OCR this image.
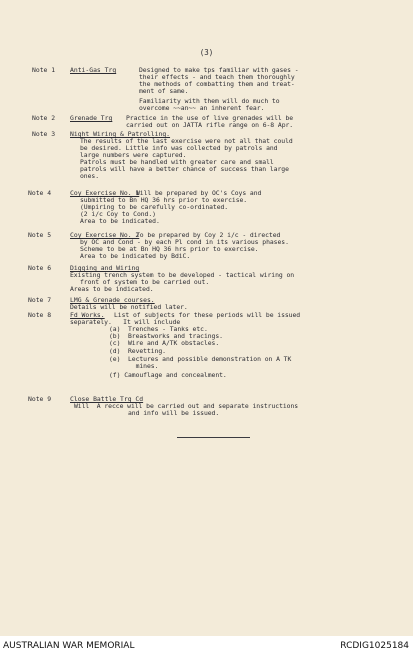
(3)
Note 1 Anti-Gas Trg	Designed to make tps familiar with gases -
their effects - and teach them thoroughly
the methods of combatting them and treat-
ment of same.
Familiarity with them will do much to
overcome ~~an~~ an inherent fear.
Note 2 Grenade Trg Practice in the use of live grenades will be
carried out on JATTA rifle range on 6-8 Apr.
Note 3 Night Wiring & Patrolling.
The results of the last exercise were not all that could
be desired. Little info was collected by patrols and
large numbers were captured.
Patrols must be handled with greater care and small
patrols will have a better chance of success than large
ones.
Note 4	Coy Exercise No. 1
Will be prepared by OC's Coys and
submitted to Bn HQ 36 hrs prior to exercise.
(Umpiring to be carefully co-ordinated.
(2 i/c Coy to Cond.)
Area to be indicated.
Note 5	Coy Exercise No. 2
To be prepared by Coy 2 i/c - directed
by OC and Cond - by each Pl cond in its various phases.
Scheme to be at Bn HQ 36 hrs prior to exercise.
Area to be indicated by BdiC.
Note 6	Digging and Wiring
Existing trench system to be developed - tactical wiring on
front of system to be carried out.
Areas to be indicated.
Note 7	LMG & Grenade courses.
Details will be notified later.
Note 8	Fd Works. List of subjects for these periods will be issued
separately.   It will include
(a)  Trenches - Tanks etc.
(b)  Breastworks and tracings.
(c)  Wire and A/TK obstacles.
(d)  Revetting.
(e)  Lectures and possible demonstration on A TK
mines.
(f) Camouflage and concealment.
Note 9	Close Battle Trg Cd
Will  A recce will be carried out and separate instructions
and info will be issued.
AUSTRALIAN WAR MEMORIAL	RCDIG1025184
